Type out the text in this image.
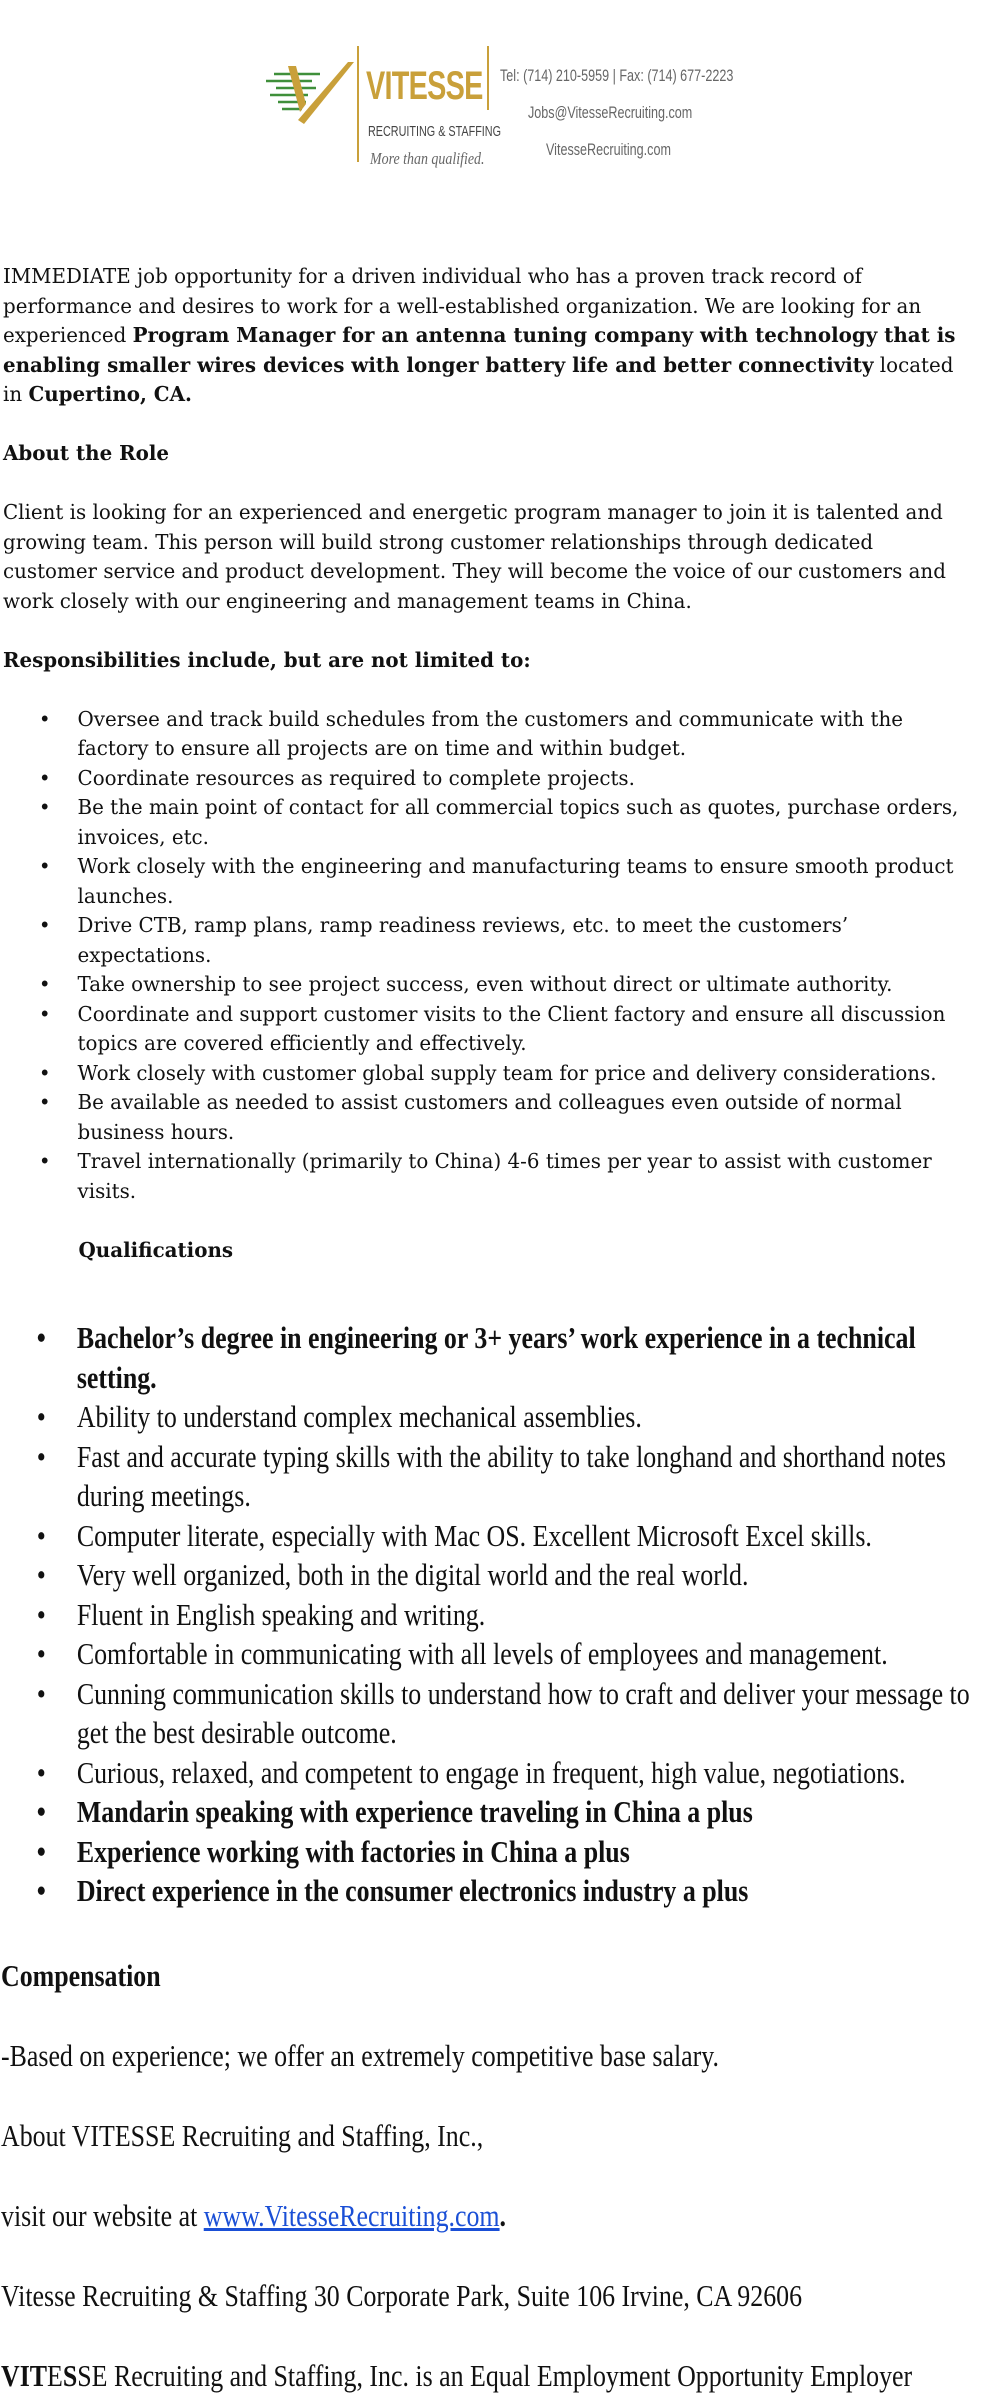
VITESSE
RECRUITING & STAFFING
More than qualified.
Tel: (714) 210-5959 | Fax: (714) 677-2223
Jobs@VitesseRecruiting.com
VitesseRecruiting.com

IMMEDIATE job opportunity for a driven individual who has a proven track record of performance and desires to work for a well-established organization. We are looking for an experienced Program Manager for an antenna tuning company with technology that is enabling smaller wires devices with longer battery life and better connectivity located in Cupertino, CA.

About the Role

Client is looking for an experienced and energetic program manager to join it is talented and growing team. This person will build strong customer relationships through dedicated customer service and product development. They will become the voice of our customers and work closely with our engineering and management teams in China.

Responsibilities include, but are not limited to:

• Oversee and track build schedules from the customers and communicate with the factory to ensure all projects are on time and within budget.
• Coordinate resources as required to complete projects.
• Be the main point of contact for all commercial topics such as quotes, purchase orders, invoices, etc.
• Work closely with the engineering and manufacturing teams to ensure smooth product launches.
• Drive CTB, ramp plans, ramp readiness reviews, etc. to meet the customers’ expectations.
• Take ownership to see project success, even without direct or ultimate authority.
• Coordinate and support customer visits to the Client factory and ensure all discussion topics are covered efficiently and effectively.
• Work closely with customer global supply team for price and delivery considerations.
• Be available as needed to assist customers and colleagues even outside of normal business hours.
• Travel internationally (primarily to China) 4-6 times per year to assist with customer visits.

Qualifications

• Bachelor’s degree in engineering or 3+ years’ work experience in a technical setting.
• Ability to understand complex mechanical assemblies.
• Fast and accurate typing skills with the ability to take longhand and shorthand notes during meetings.
• Computer literate, especially with Mac OS. Excellent Microsoft Excel skills.
• Very well organized, both in the digital world and the real world.
• Fluent in English speaking and writing.
• Comfortable in communicating with all levels of employees and management.
• Cunning communication skills to understand how to craft and deliver your message to get the best desirable outcome.
• Curious, relaxed, and competent to engage in frequent, high value, negotiations.
• Mandarin speaking with experience traveling in China a plus
• Experience working with factories in China a plus
• Direct experience in the consumer electronics industry a plus
Compensation
-Based on experience; we offer an extremely competitive base salary.
About VITESSE Recruiting and Staffing, Inc.,
visit our website at www.VitesseRecruiting.com.
Vitesse Recruiting & Staffing 30 Corporate Park, Suite 106 Irvine, CA 92606
VITESSE Recruiting and Staffing, Inc. is an Equal Employment Opportunity Employer
